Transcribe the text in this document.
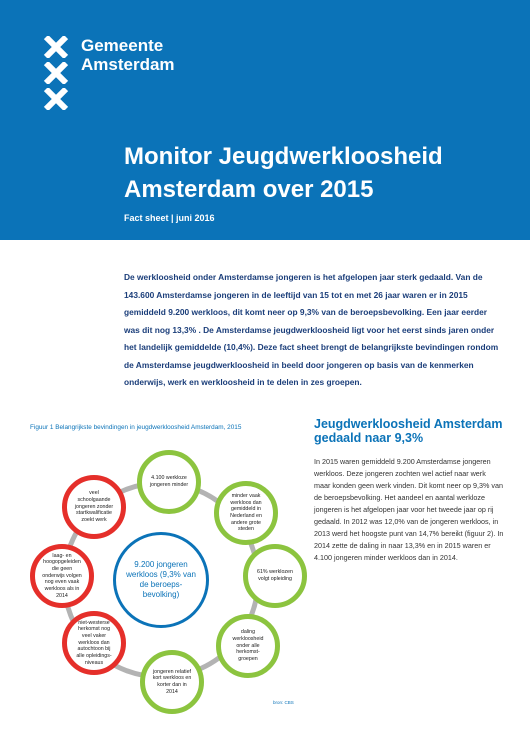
Gemeente
Amsterdam
Monitor Jeugdwerkloosheid
Amsterdam over 2015
Fact sheet | juni 2016
De werkloosheid onder Amsterdamse jongeren is het afgelopen jaar sterk gedaald. Van de 143.600 Amsterdamse jongeren in de leeftijd van 15 tot en met 26 jaar waren er in 2015 gemiddeld 9.200 werkloos, dit komt neer op 9,3% van de beroepsbevolking. Een jaar eerder was dit nog 13,3% . De Amsterdamse jeugdwerkloosheid ligt voor het eerst sinds jaren onder het landelijk gemiddelde (10,4%). Deze fact sheet brengt de belangrijkste bevindingen rondom de Amsterdamse jeugdwerkloosheid in beeld door jongeren op basis van de kenmerken onderwijs, werk en werkloosheid in te delen in zes groepen.
Figuur 1 Belangrijkste bevindingen in jeugdwerkloosheid Amsterdam, 2015
4.100 werkloze jongeren minder
minder vaak werkloos dan gemiddeld in Nederland en andere grote steden
61% werklozen volgt opleiding
daling werkloosheid onder alle herkomst-groepen
jongeren relatief kort werkloos en korter dan in 2014
niet-westerse herkomst nog veel vaker werkloos dan autochtoon bij alle opleidings-niveaus
laag- en hoogopgeleiden die geen onderwijs volgen nog even vaak werkloos als in 2014
veel schoolgaande jongeren zonder startkwalificatie zoekt werk
9.200 jongeren werkloos (9,3% van de beroeps-bevolking)
bron: CBS
Jeugdwerkloosheid Amsterdam gedaald naar 9,3%
In 2015 waren gemiddeld 9.200 Amsterdamse jongeren werkloos. Deze jongeren zochten wel actief naar werk maar konden geen werk vinden. Dit komt neer op 9,3% van de beroepsbevolking. Het aandeel en aantal werkloze jongeren is het afgelopen jaar voor het tweede jaar op rij gedaald. In 2012 was 12,0% van de jongeren werkloos, in 2013 werd het hoogste punt van 14,7% bereikt (figuur 2). In 2014 zette de daling in naar 13,3% en in 2015 waren er 4.100 jongeren minder werkloos dan in 2014.
